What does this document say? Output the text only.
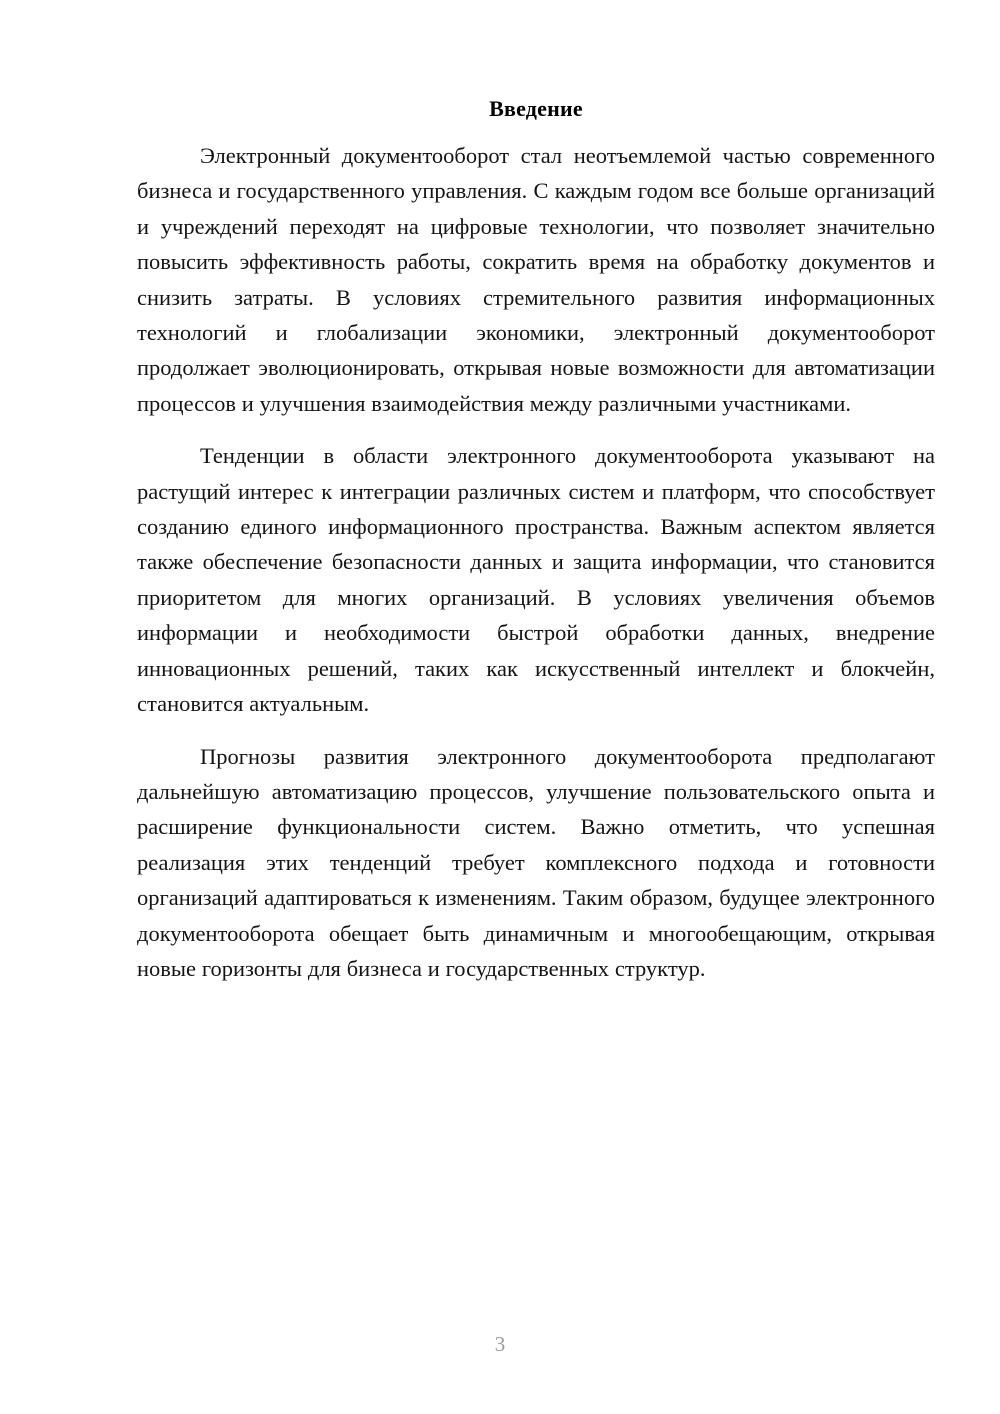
Введение

Электронный документооборот стал неотъемлемой частью современного бизнеса и государственного управления. С каждым годом все больше организаций и учреждений переходят на цифровые технологии, что позволяет значительно повысить эффективность работы, сократить время на обработку документов и снизить затраты. В условиях стремительного развития информационных технологий и глобализации экономики, электронный документооборот продолжает эволюционировать, открывая новые возможности для автоматизации процессов и улучшения взаимодействия между различными участниками.

Тенденции в области электронного документооборота указывают на растущий интерес к интеграции различных систем и платформ, что способствует созданию единого информационного пространства. Важным аспектом является также обеспечение безопасности данных и защита информации, что становится приоритетом для многих организаций. В условиях увеличения объемов информации и необходимости быстрой обработки данных, внедрение инновационных решений, таких как искусственный интеллект и блокчейн, становится актуальным.

Прогнозы развития электронного документооборота предполагают дальнейшую автоматизацию процессов, улучшение пользовательского опыта и расширение функциональности систем. Важно отметить, что успешная реализация этих тенденций требует комплексного подхода и готовности организаций адаптироваться к изменениям. Таким образом, будущее электронного документооборота обещает быть динамичным и многообещающим, открывая новые горизонты для бизнеса и государственных структур.

3
